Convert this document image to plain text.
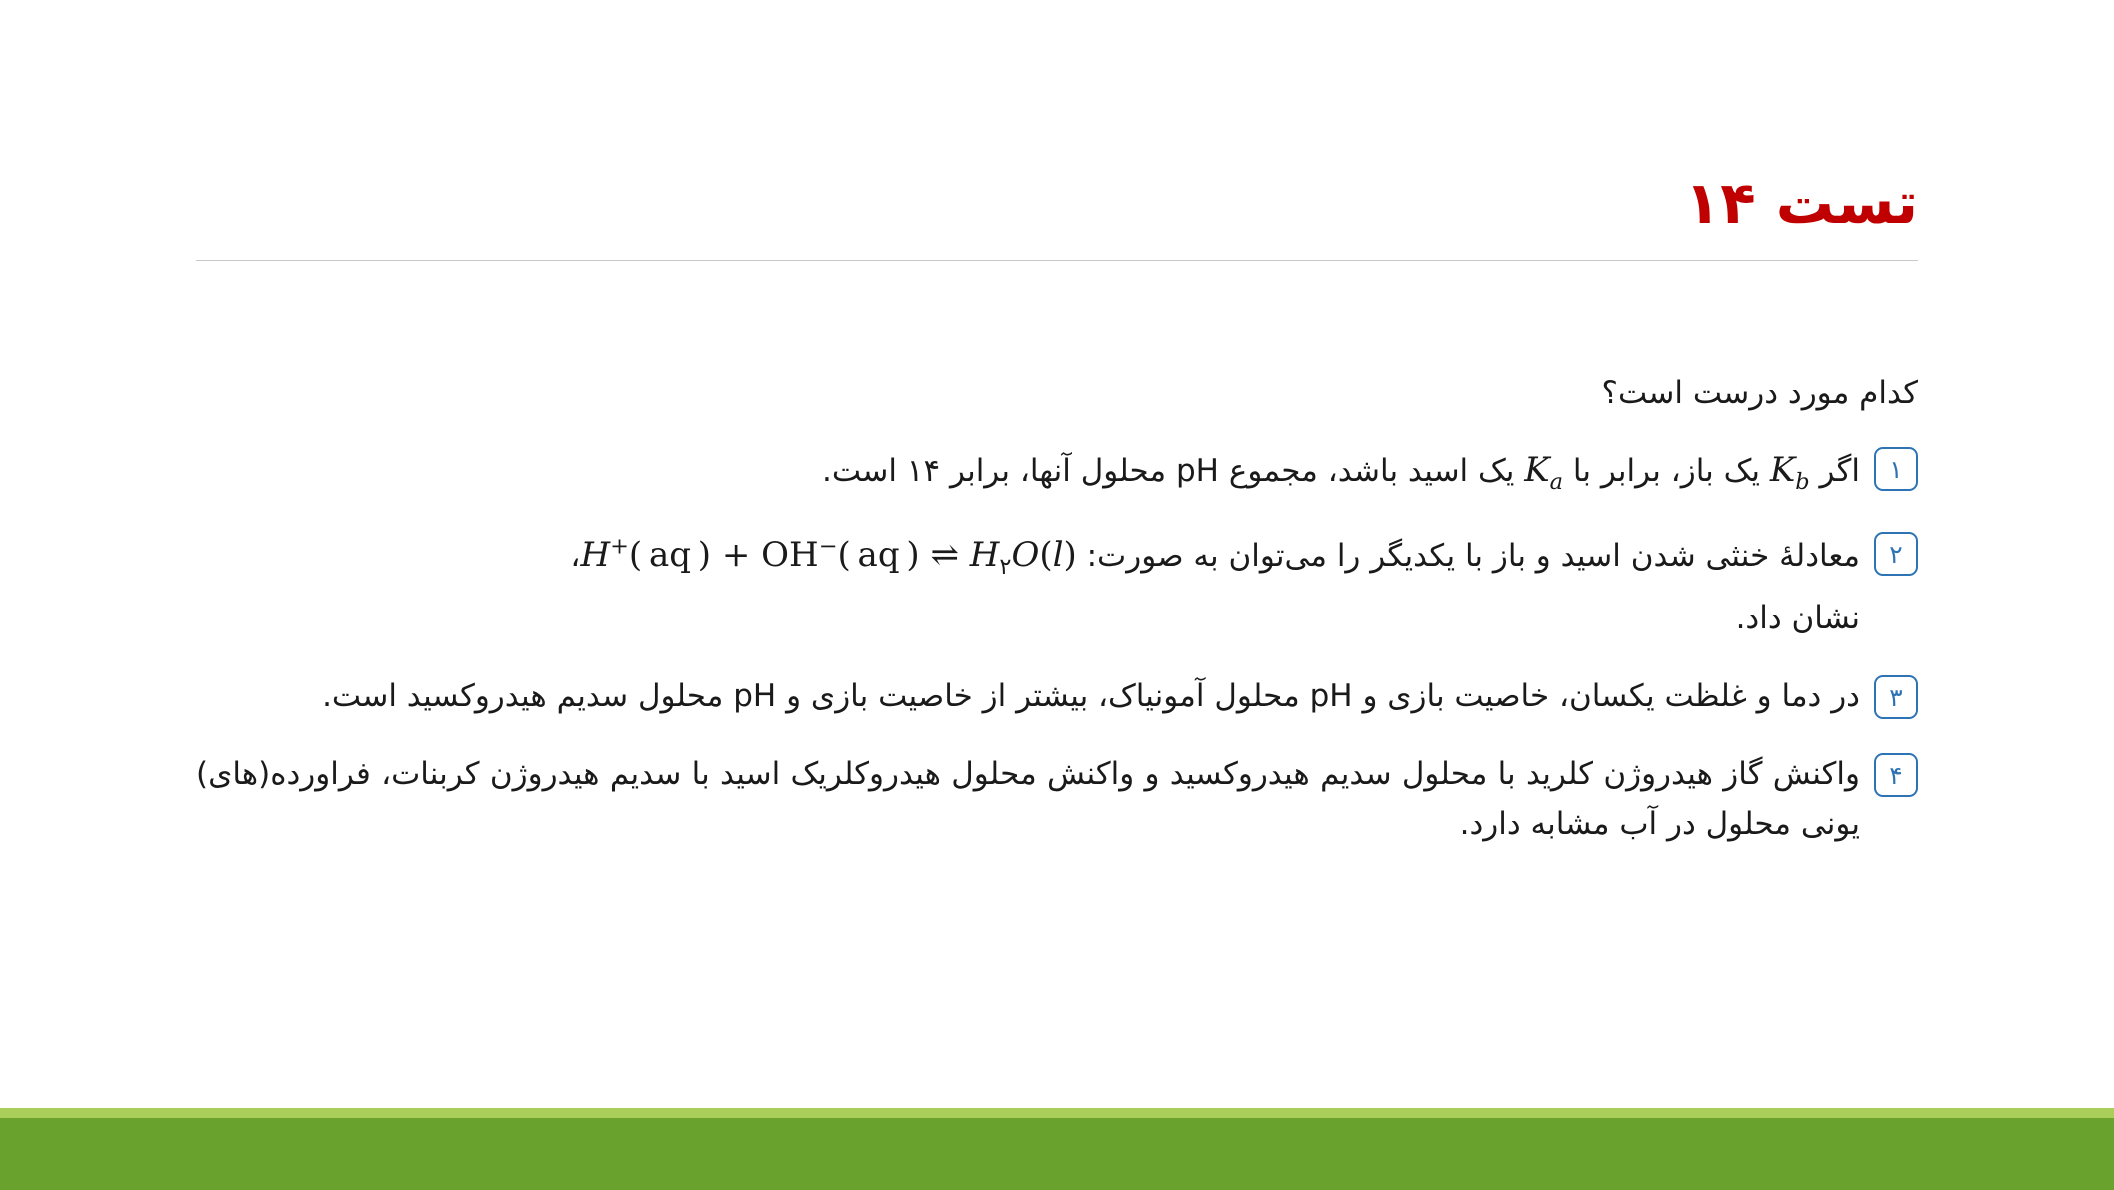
تست ۱۴
کدام مورد درست است؟
۱
اگر $K_b$ یک باز، برابر با $K_a$ یک اسید باشد، مجموع pH محلول آنها، برابر ۱۴ است.
۲
معادلۀ خنثی شدن اسید و باز با یکدیگر را می‌توان به صورت: H+( aq ) + OH−( aq ) ⇌ $H_۲O(l)،$
نشان داد.
۳
در دما و غلظت یکسان، خاصیت بازی و pH محلول آمونیاک، بیشتر از خاصیت بازی و pH محلول سدیم هیدروکسید است.
۴
واکنش گاز هیدروژن کلرید با محلول سدیم هیدروکسید و واکنش محلول هیدروکلریک اسید با سدیم هیدروژن کربنات، فراورده(های) یونی محلول در آب مشابه دارد.
